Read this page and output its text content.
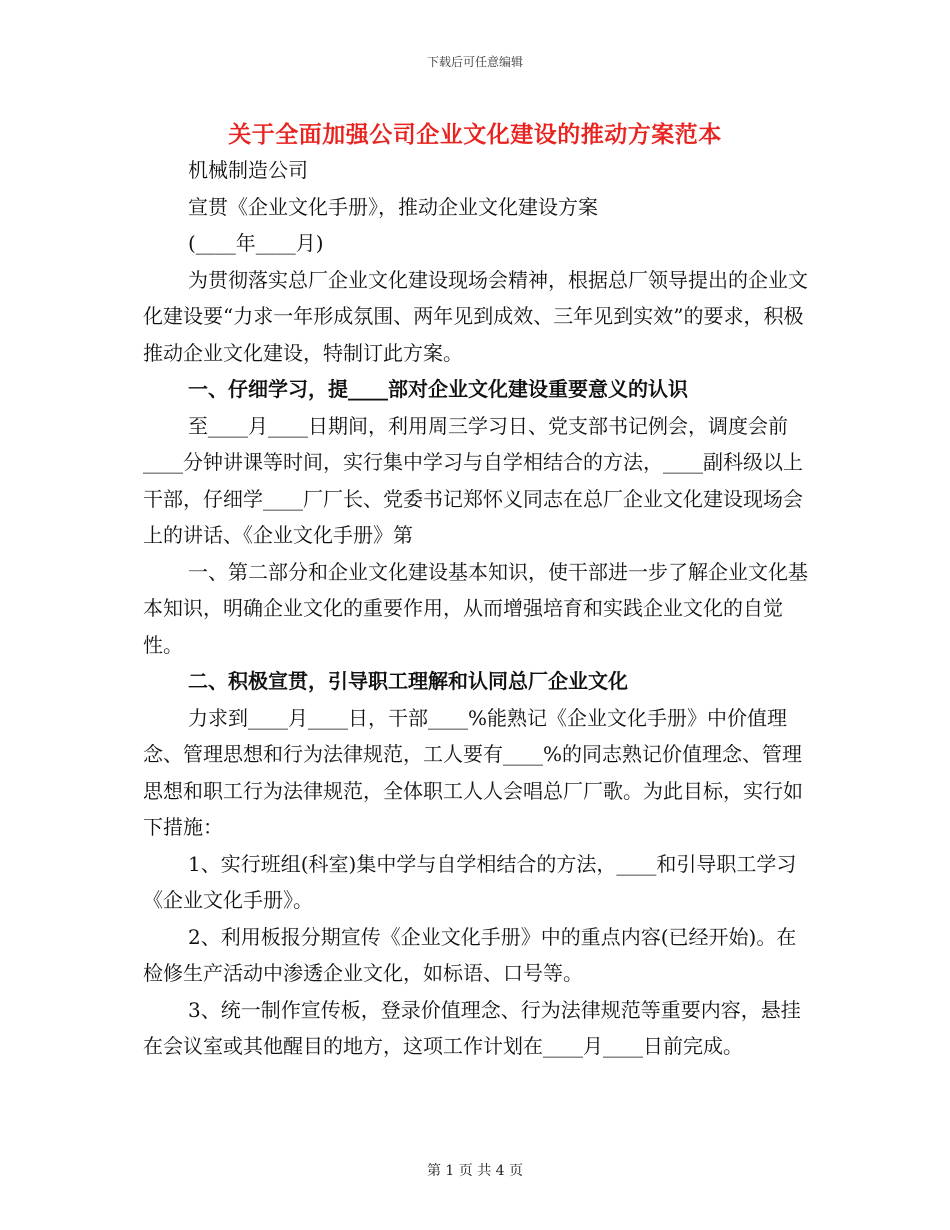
下载后可任意编辑
关于全面加强公司企业文化建设的推动方案范本

机械制造公司

宣贯《企业文化手册》，推动企业文化建设方案

(____年____月)

为贯彻落实总厂企业文化建设现场会精神，根据总厂领导提出的企业文化建设要“力求一年形成氛围、两年见到成效、三年见到实效”的要求，积极推动企业文化建设，特制订此方案。

一、仔细学习，提____部对企业文化建设重要意义的认识

至____月____日期间，利用周三学习日、党支部书记例会，调度会前____分钟讲课等时间，实行集中学习与自学相结合的方法，____副科级以上干部，仔细学____厂厂长、党委书记郑怀义同志在总厂企业文化建设现场会上的讲话、《企业文化手册》第

一、第二部分和企业文化建设基本知识，使干部进一步了解企业文化基本知识，明确企业文化的重要作用，从而增强培育和实践企业文化的自觉性。

二、积极宣贯，引导职工理解和认同总厂企业文化

力求到____月____日，干部____%能熟记《企业文化手册》中价值理念、管理思想和行为法律规范，工人要有____%的同志熟记价值理念、管理思想和职工行为法律规范，全体职工人人会唱总厂厂歌。为此目标，实行如下措施：

1、实行班组(科室)集中学与自学相结合的方法，____和引导职工学习《企业文化手册》。

2、利用板报分期宣传《企业文化手册》中的重点内容(已经开始)。在检修生产活动中渗透企业文化，如标语、口号等。

3、统一制作宣传板，登录价值理念、行为法律规范等重要内容，悬挂在会议室或其他醒目的地方，这项工作计划在____月____日前完成。

第 1 页 共 4 页
